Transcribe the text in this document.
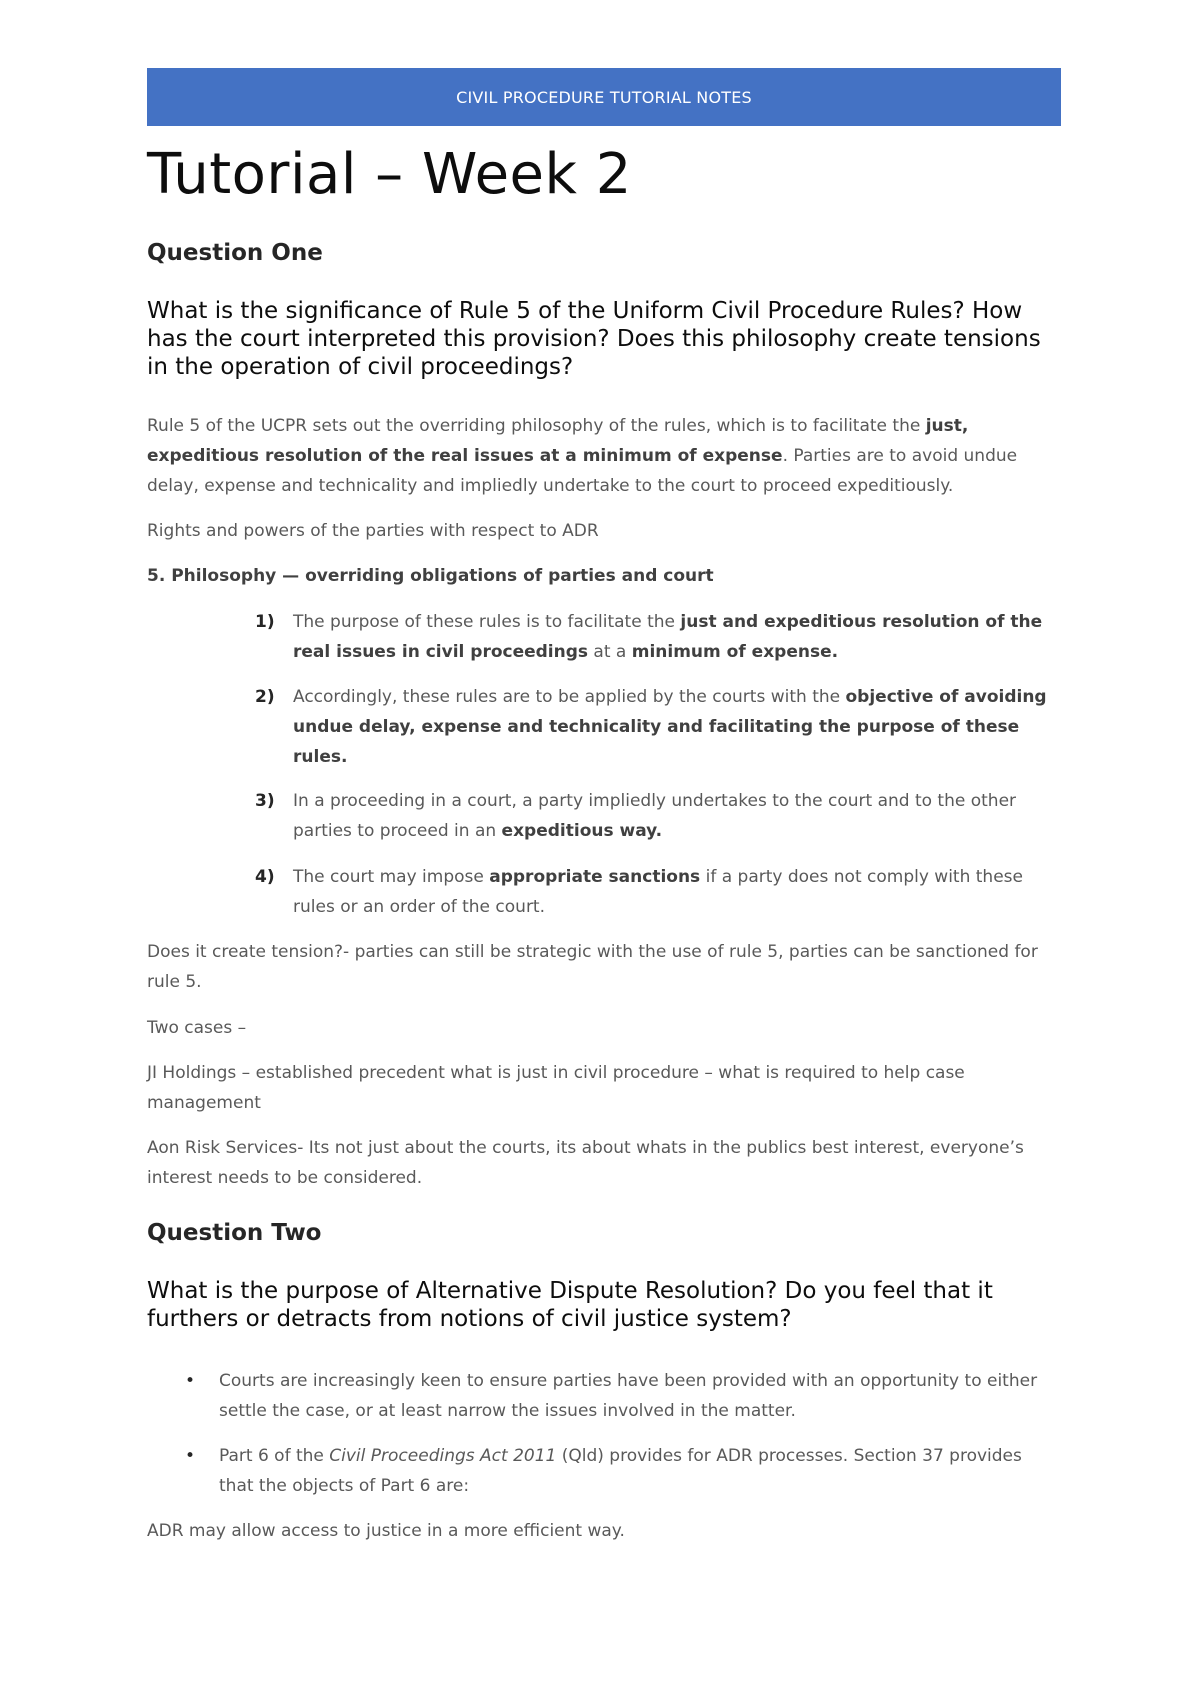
CIVIL PROCEDURE TUTORIAL NOTES
Tutorial – Week 2
Question One
What is the significance of Rule 5 of the Uniform Civil Procedure Rules? How has the court interpreted this provision? Does this philosophy create tensions in the operation of civil proceedings?

Rule 5 of the UCPR sets out the overriding philosophy of the rules, which is to facilitate the just, expeditious resolution of the real issues at a minimum of expense. Parties are to avoid undue delay, expense and technicality and impliedly undertake to the court to proceed expeditiously.

Rights and powers of the parties with respect to ADR

5. Philosophy — overriding obligations of parties and court

1) The purpose of these rules is to facilitate the just and expeditious resolution of the real issues in civil proceedings at a minimum of expense.
2) Accordingly, these rules are to be applied by the courts with the objective of avoiding undue delay, expense and technicality and facilitating the purpose of these rules.
3) In a proceeding in a court, a party impliedly undertakes to the court and to the other parties to proceed in an expeditious way.
4) The court may impose appropriate sanctions if a party does not comply with these rules or an order of the court.

Does it create tension?- parties can still be strategic with the use of rule 5, parties can be sanctioned for rule 5.

Two cases –

JI Holdings – established precedent what is just in civil procedure – what is required to help case management

Aon Risk Services- Its not just about the courts, its about whats in the publics best interest, everyone’s interest needs to be considered.

Question Two
What is the purpose of Alternative Dispute Resolution? Do you feel that it furthers or detracts from notions of civil justice system?
• Courts are increasingly keen to ensure parties have been provided with an opportunity to either settle the case, or at least narrow the issues involved in the matter.
• Part 6 of the Civil Proceedings Act 2011 (Qld) provides for ADR processes. Section 37 provides that the objects of Part 6 are:

ADR may allow access to justice in a more efficient way.
